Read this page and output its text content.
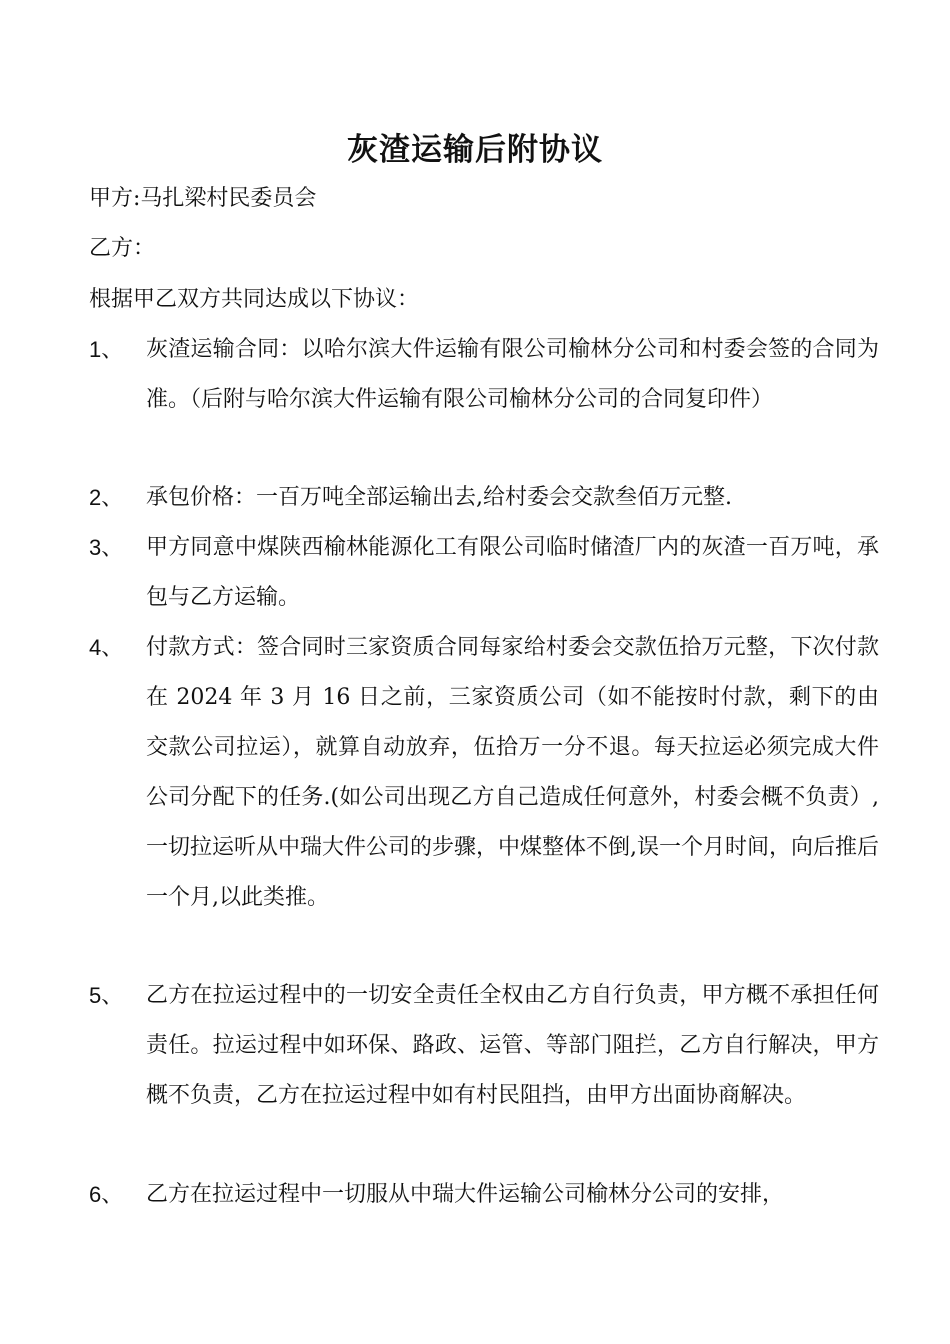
灰渣运输后附协议
甲方:马扎梁村民委员会
乙方：
根据甲乙双方共同达成以下协议：
1、 灰渣运输合同：以哈尔滨大件运输有限公司榆林分公司和村委会签的合同为准。（后附与哈尔滨大件运输有限公司榆林分公司的合同复印件）
2、 承包价格：一百万吨全部运输出去,给村委会交款叁佰万元整.
3、 甲方同意中煤陕西榆林能源化工有限公司临时储渣厂内的灰渣一百万吨，承包与乙方运输。
4、 付款方式：签合同时三家资质合同每家给村委会交款伍拾万元整，下次付款在 2024 年 3 月 16 日之前，三家资质公司（如不能按时付款，剩下的由交款公司拉运），就算自动放弃，伍拾万一分不退。每天拉运必须完成大件公司分配下的任务.(如公司出现乙方自己造成任何意外，村委会概不负责）,一切拉运听从中瑞大件公司的步骤，中煤整体不倒,误一个月时间，向后推后一个月,以此类推。
5、 乙方在拉运过程中的一切安全责任全权由乙方自行负责，甲方概不承担任何责任。拉运过程中如环保、路政、运管、等部门阻拦，乙方自行解决，甲方概不负责，乙方在拉运过程中如有村民阻挡，由甲方出面协商解决。
6、 乙方在拉运过程中一切服从中瑞大件运输公司榆林分公司的安排，
